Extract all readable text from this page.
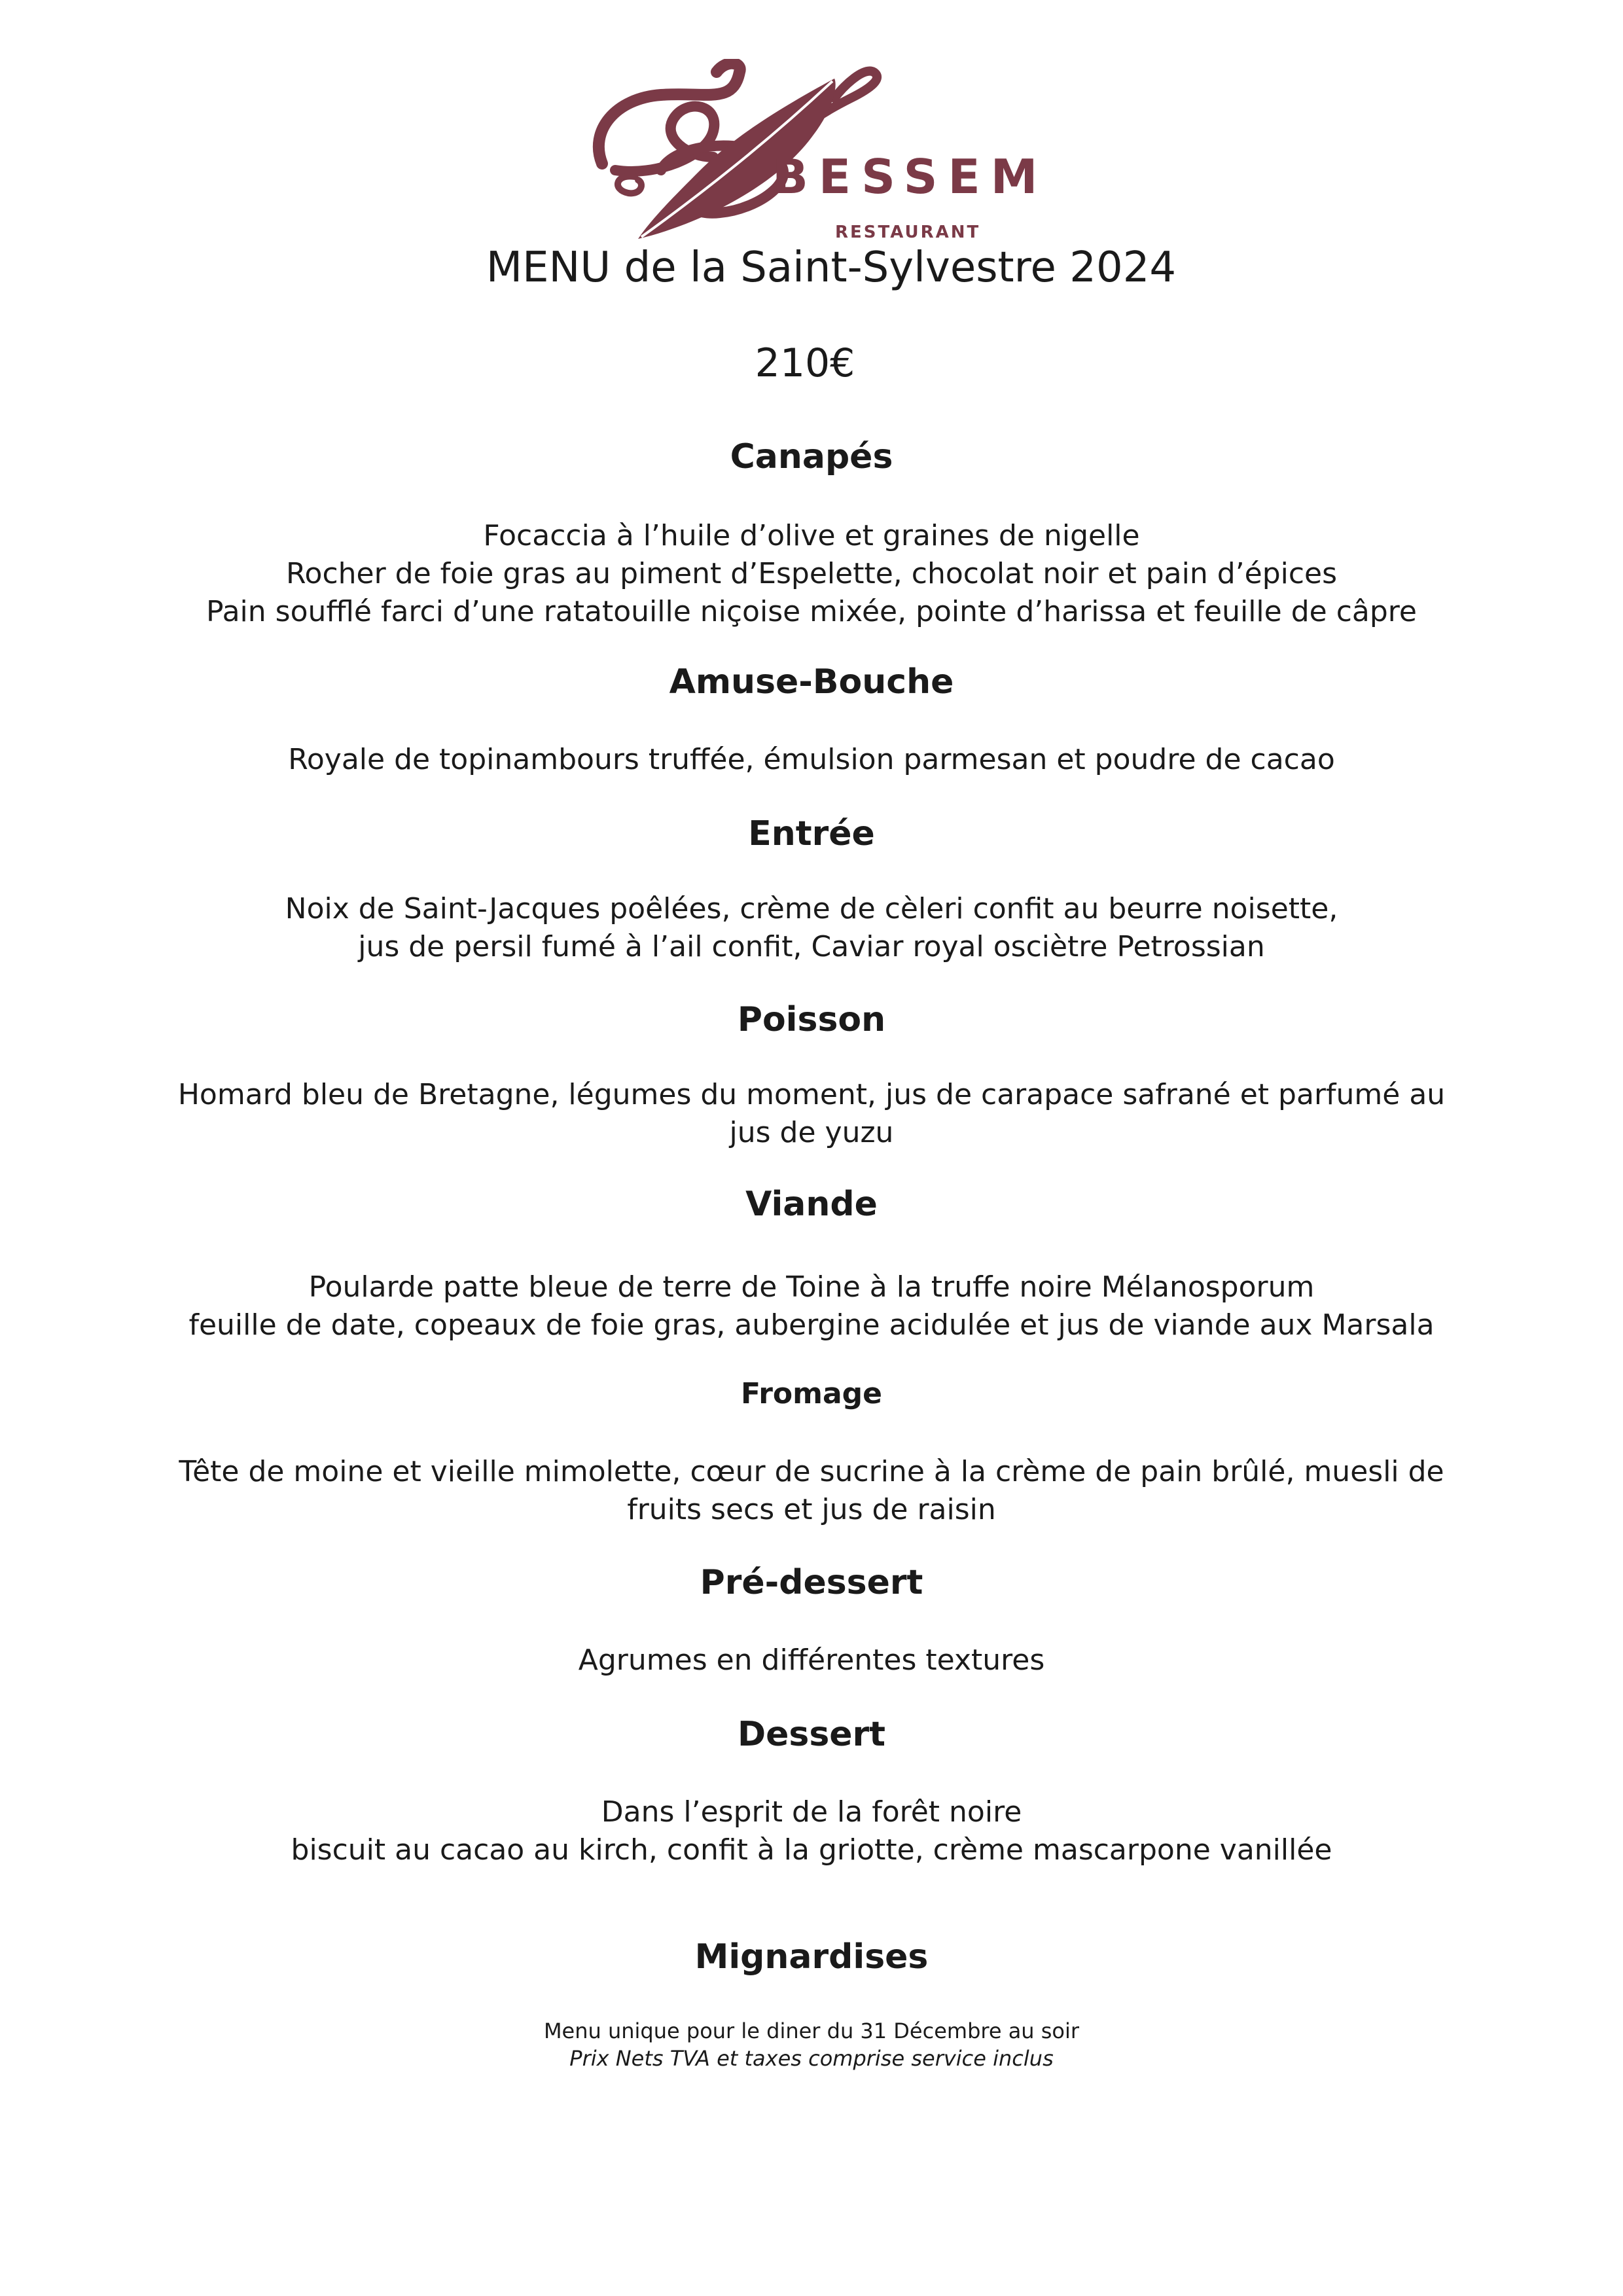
BESSEM
RESTAURANT
MENU de la Saint-Sylvestre 2024
210€
Canapés
Focaccia à l’huile d’olive et graines de nigelle
Rocher de foie gras au piment d’Espelette, chocolat noir et pain d’épices
Pain soufflé farci d’une ratatouille niçoise mixée, pointe d’harissa et feuille de câpre
Amuse-Bouche
Royale de topinambours truffée, émulsion parmesan et poudre de cacao
Entrée
Noix de Saint-Jacques poêlées, crème de cèleri confit au beurre noisette,
jus de persil fumé à l’ail confit, Caviar royal osciètre Petrossian
Poisson
Homard bleu de Bretagne, légumes du moment, jus de carapace safrané et parfumé au
jus de yuzu
Viande
Poularde patte bleue de terre de Toine à la truffe noire Mélanosporum
feuille de date, copeaux de foie gras, aubergine acidulée et jus de viande aux Marsala
Fromage
Tête de moine et vieille mimolette, cœur de sucrine à la crème de pain brûlé, muesli de
fruits secs et jus de raisin
Pré-dessert
Agrumes en différentes textures
Dessert
Dans l’esprit de la forêt noire
biscuit au cacao au kirch, confit à la griotte, crème mascarpone vanillée
Mignardises
Menu unique pour le diner du 31 Décembre au soir
Prix Nets TVA et taxes comprise service inclus
